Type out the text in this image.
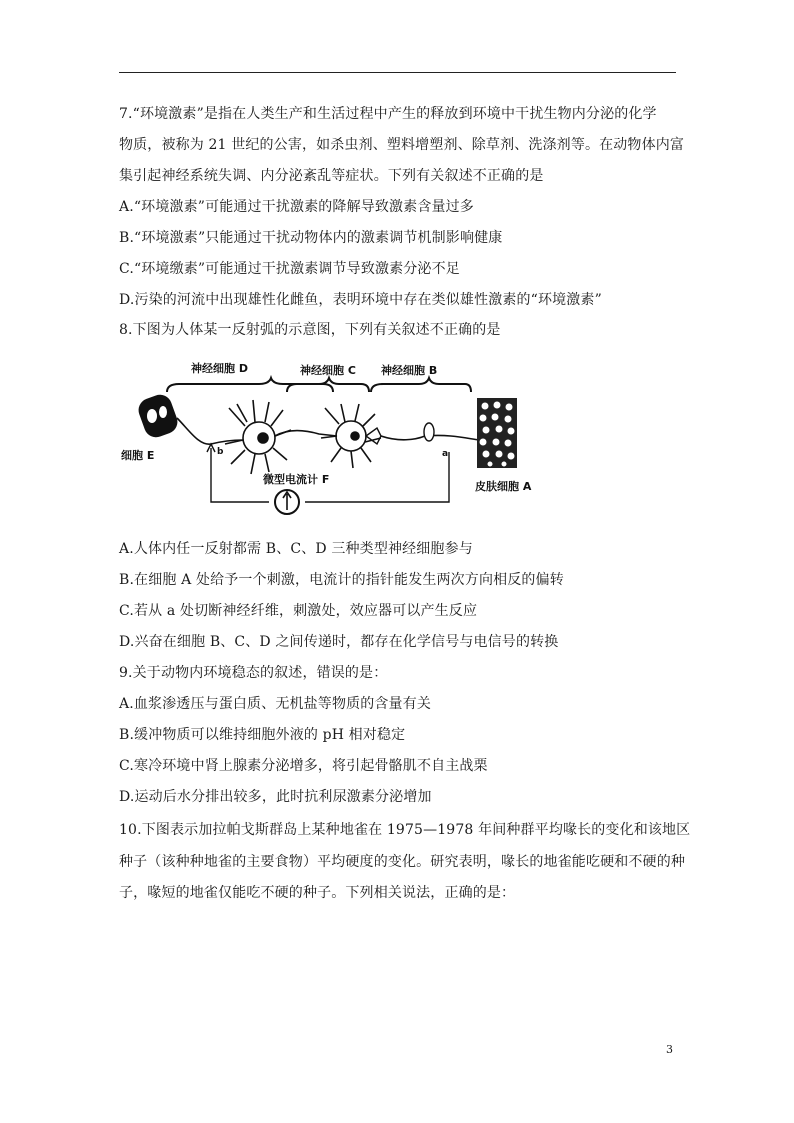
7.“环境激素”是指在人类生产和生活过程中产生的释放到环境中干扰生物内分泌的化学
物质，被称为 21 世纪的公害，如杀虫剂、塑料增塑剂、除草剂、洗涤剂等。在动物体内富
集引起神经系统失调、内分泌紊乱等症状。下列有关叙述不正确的是
A.“环境激素”可能通过干扰激素的降解导致激素含量过多
B.“环境激素”只能通过干扰动物体内的激素调节机制影响健康
C.“环境缴素”可能通过干扰激素调节导致激素分泌不足
D.污染的河流中出现雄性化雌鱼，表明环境中存在类似雄性激素的“环境激素”
8.下图为人体某一反射弧的示意图，下列有关叙述不正确的是
神经细胞 D	神经细胞 C 神经细胞 B
细胞 E	a
皮肤细胞 A
b
微型电流计 F
A.人体内任一反射都需 B、C、D 三种类型神经细胞参与
B.在细胞 A 处给予一个刺激，电流计的指针能发生两次方向相反的偏转
C.若从 a 处切断神经纤维，刺激处，效应器可以产生反应
D.兴奋在细胞 B、C、D 之间传递时，都存在化学信号与电信号的转换
9.关于动物内环境稳态的叙述，错误的是：
A.血浆渗透压与蛋白质、无机盐等物质的含量有关
B.缓冲物质可以维持细胞外液的 pH 相对稳定
C.寒冷环境中肾上腺素分泌增多，将引起骨骼肌不自主战栗
D.运动后水分排出较多，此时抗利尿激素分泌增加
10.下图表示加拉帕戈斯群岛上某种地雀在 1975—1978 年间种群平均喙长的变化和该地区
种子（该种种地雀的主要食物）平均硬度的变化。研究表明，喙长的地雀能吃硬和不硬的种
子，喙短的地雀仅能吃不硬的种子。下列相关说法，正确的是：
3
